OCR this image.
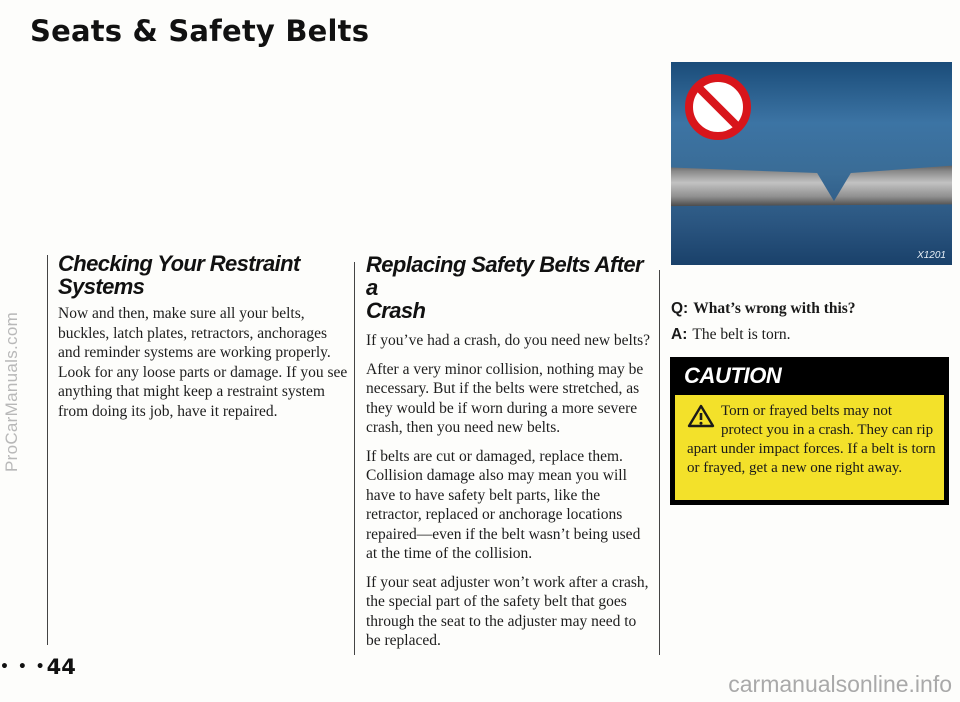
ProCarManuals.com
carmanualsonline.info
Seats & Safety Belts
Checking Your Restraint Systems

Now and then, make sure all your belts, buckles, latch plates, retractors, anchorages and reminder systems are working properly. Look for any loose parts or damage. If you see anything that might keep a restraint system from doing its job, have it repaired.

Replacing Safety Belts After a
Crash

If you’ve had a crash, do you need new belts?

After a very minor collision, nothing may be necessary. But if the belts were stretched, as they would be if worn during a more severe crash, then you need new belts.

If belts are cut or damaged, replace them. Collision damage also may mean you will have to have safety belt parts, like the retractor, replaced or anchorage locations repaired—even if the belt wasn’t being used at the time of the collision.

If your seat adjuster won’t work after a crash, the special part of the safety belt that goes through the seat to the adjuster may need to be replaced.

X1201

Q: What’s wrong with this?

A: The belt is torn.

CAUTION

Torn or frayed belts may not protect you in a crash. They can rip apart under impact forces. If a belt is torn or frayed, get a new one right away.

• • •44
